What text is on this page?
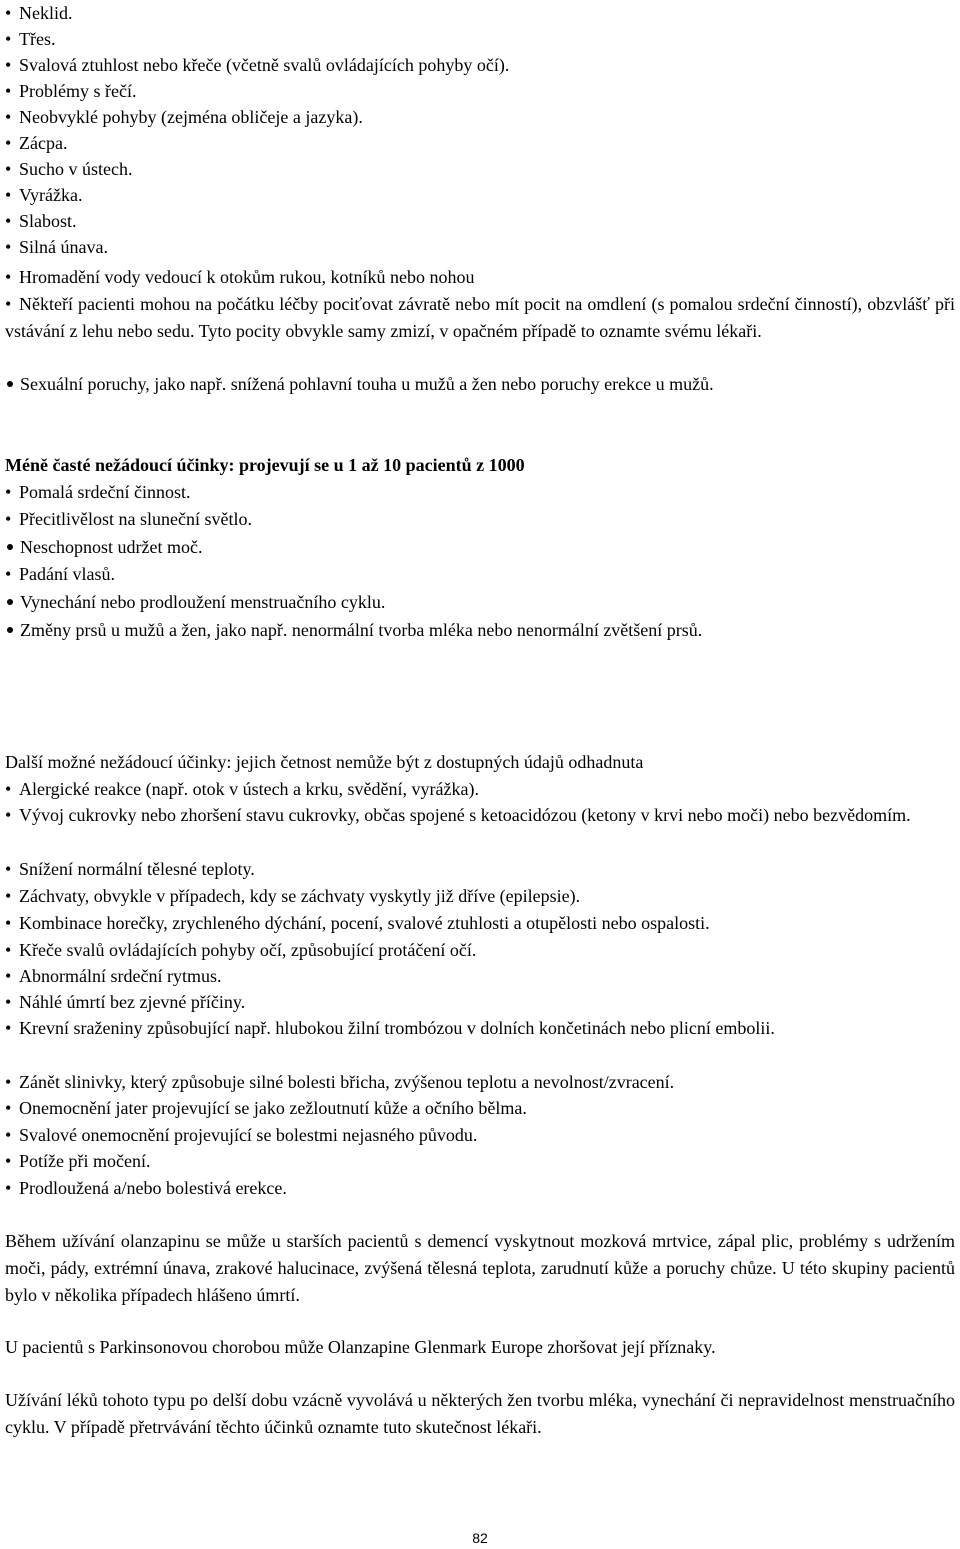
• Neklid.
• Třes.
• Svalová ztuhlost nebo křeče (včetně svalů ovládajících pohyby očí).
• Problémy s řečí.
• Neobvyklé pohyby (zejména obličeje a jazyka).
• Zácpa.
• Sucho v ústech.
• Vyrážka.
• Slabost.
• Silná únava.
• Hromadění vody vedoucí k otokům rukou, kotníků nebo nohou
• Někteří pacienti mohou na počátku léčby pociťovat závratě nebo mít pocit na omdlení (s pomalou srdeční činností), obzvlášť při vstávání z lehu nebo sedu. Tyto pocity obvykle samy zmizí, v opačném případě to oznamte svému lékaři.
Sexuální poruchy, jako např. snížená pohlavní touha u mužů a žen nebo poruchy erekce u mužů.
Méně časté nežádoucí účinky: projevují se u 1 až 10 pacientů z 1000
• Pomalá srdeční činnost.
• Přecitlivělost na sluneční světlo.
Neschopnost udržet moč.
• Padání vlasů.
Vynechání nebo prodloužení menstruačního cyklu.
Změny prsů u mužů a žen, jako např. nenormální tvorba mléka nebo nenormální zvětšení prsů.
Další možné nežádoucí účinky: jejich četnost nemůže být z dostupných údajů odhadnuta
• Alergické reakce (např. otok v ústech a krku, svědění, vyrážka).
• Vývoj cukrovky nebo zhoršení stavu cukrovky, občas spojené s ketoacidózou (ketony v krvi nebo moči) nebo bezvědomím.
• Snížení normální tělesné teploty.
• Záchvaty, obvykle v případech, kdy se záchvaty vyskytly již dříve (epilepsie).
• Kombinace horečky, zrychleného dýchání, pocení, svalové ztuhlosti a otupělosti nebo ospalosti.
• Křeče svalů ovládajících pohyby očí, způsobující protáčení očí.
• Abnormální srdeční rytmus.
• Náhlé úmrtí bez zjevné příčiny.
• Krevní sraženiny způsobující např. hlubokou žilní trombózou v dolních končetinách nebo plicní embolii.
• Zánět slinivky, který způsobuje silné bolesti břicha, zvýšenou teplotu a nevolnost/zvracení.
• Onemocnění jater projevující se jako zežloutnutí kůže a očního bělma.
• Svalové onemocnění projevující se bolestmi nejasného původu.
• Potíže při močení.
• Prodloužená a/nebo bolestivá erekce.
Během užívání olanzapinu se může u starších pacientů s demencí vyskytnout mozková mrtvice, zápal plic, problémy s udržením moči, pády, extrémní únava, zrakové halucinace, zvýšená tělesná teplota, zarudnutí kůže a poruchy chůze. U této skupiny pacientů bylo v několika případech hlášeno úmrtí.
U pacientů s Parkinsonovou chorobou může Olanzapine Glenmark Europe zhoršovat její příznaky.
Užívání léků tohoto typu po delší dobu vzácně vyvolává u některých žen tvorbu mléka, vynechání či nepravidelnost menstruačního cyklu. V případě přetrvávání těchto účinků oznamte tuto skutečnost lékaři.
82
